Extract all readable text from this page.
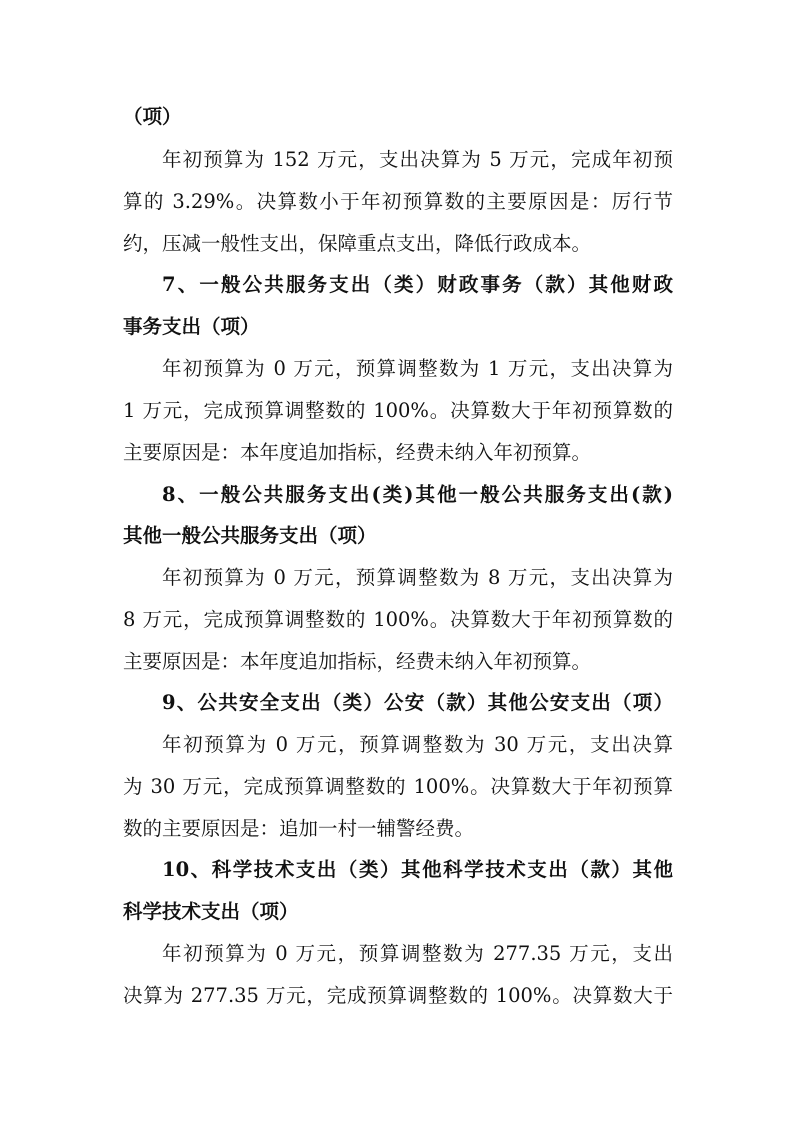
（项）
年初预算为 152 万元，支出决算为 5 万元，完成年初预
算的 3.29%。决算数小于年初预算数的主要原因是：厉行节
约，压减一般性支出，保障重点支出，降低行政成本。
7、一般公共服务支出（类）财政事务（款）其他财政
事务支出（项）
年初预算为 0 万元，预算调整数为 1 万元，支出决算为
1 万元，完成预算调整数的 100%。决算数大于年初预算数的
主要原因是：本年度追加指标，经费未纳入年初预算。
8、一般公共服务支出(类)其他一般公共服务支出(款)
其他一般公共服务支出（项）
年初预算为 0 万元，预算调整数为 8 万元，支出决算为
8 万元，完成预算调整数的 100%。决算数大于年初预算数的
主要原因是：本年度追加指标，经费未纳入年初预算。
9、公共安全支出（类）公安（款）其他公安支出（项）
年初预算为 0 万元，预算调整数为 30 万元，支出决算
为 30 万元，完成预算调整数的 100%。决算数大于年初预算
数的主要原因是：追加一村一辅警经费。
10、科学技术支出（类）其他科学技术支出（款）其他
科学技术支出（项）
年初预算为 0 万元，预算调整数为 277.35 万元，支出
决算为 277.35 万元，完成预算调整数的 100%。决算数大于
